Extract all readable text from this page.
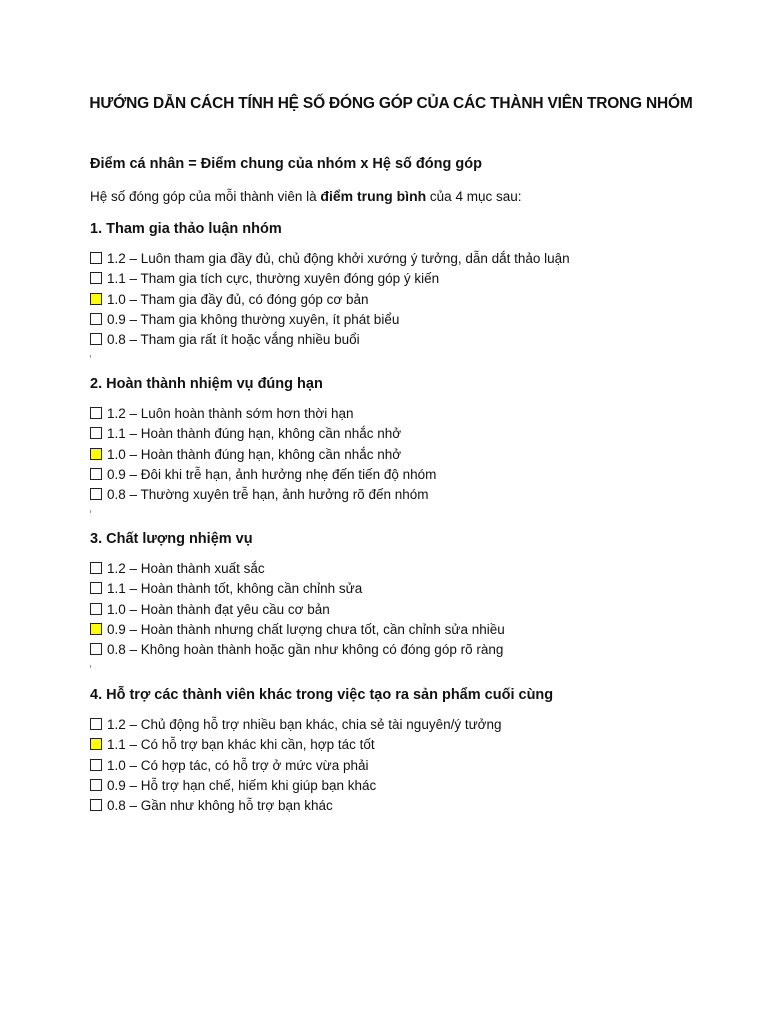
HƯỚNG DẪN CÁCH TÍNH HỆ SỐ ĐÓNG GÓP CỦA CÁC THÀNH VIÊN TRONG NHÓM
Điểm cá nhân = Điểm chung của nhóm x Hệ số đóng góp
Hệ số đóng góp của mỗi thành viên là điểm trung bình của 4 mục sau:
1. Tham gia thảo luận nhóm
1.2 – Luôn tham gia đầy đủ, chủ động khởi xướng ý tưởng, dẫn dắt thảo luận
1.1 – Tham gia tích cực, thường xuyên đóng góp ý kiến
1.0 – Tham gia đầy đủ, có đóng góp cơ bản
0.9 – Tham gia không thường xuyên, ít phát biểu
0.8 – Tham gia rất ít hoặc vắng nhiều buổi
2. Hoàn thành nhiệm vụ đúng hạn
1.2 – Luôn hoàn thành sớm hơn thời hạn
1.1 – Hoàn thành đúng hạn, không cần nhắc nhở
1.0 – Hoàn thành đúng hạn, không cần nhắc nhở
0.9 – Đôi khi trễ hạn, ảnh hưởng nhẹ đến tiến độ nhóm
0.8 – Thường xuyên trễ hạn, ảnh hưởng rõ đến nhóm
3. Chất lượng nhiệm vụ
1.2 – Hoàn thành xuất sắc
1.1 – Hoàn thành tốt, không cần chỉnh sửa
1.0 – Hoàn thành đạt yêu cầu cơ bản
0.9 – Hoàn thành nhưng chất lượng chưa tốt, cần chỉnh sửa nhiều
0.8 – Không hoàn thành hoặc gần như không có đóng góp rõ ràng
4. Hỗ trợ các thành viên khác trong việc tạo ra sản phẩm cuối cùng
1.2 – Chủ động hỗ trợ nhiều bạn khác, chia sẻ tài nguyên/ý tưởng
1.1 – Có hỗ trợ bạn khác khi cần, hợp tác tốt
1.0 – Có hợp tác, có hỗ trợ ở mức vừa phải
0.9 – Hỗ trợ hạn chế, hiếm khi giúp bạn khác
0.8 – Gần như không hỗ trợ bạn khác
